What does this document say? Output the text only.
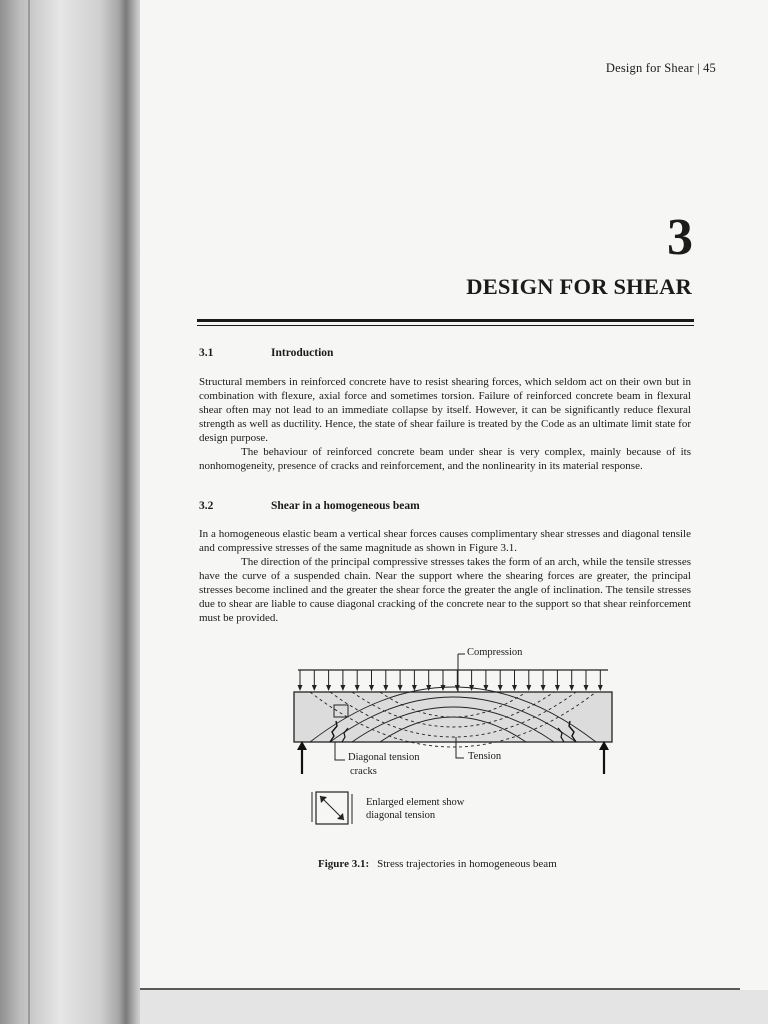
Design for Shear | 45
3
DESIGN FOR SHEAR
3.1	Introduction

Structural members in reinforced concrete have to resist shearing forces, which seldom act on their own but in combination with flexure, axial force and sometimes torsion. Failure of reinforced concrete beam in flexural shear often may not lead to an immediate collapse by itself. However, it can be significantly reduce flexural strength as well as ductility. Hence, the state of shear failure is treated by the Code as an ultimate limit state for design purpose.

The behaviour of reinforced concrete beam under shear is very complex, mainly because of its nonhomogeneity, presence of cracks and reinforcement, and the nonlinearity in its material response.

3.2	Shear in a homogeneous beam

In a homogeneous elastic beam a vertical shear forces causes complimentary shear stresses and diagonal tensile and compressive stresses of the same magnitude as shown in Figure 3.1.

The direction of the principal compressive stresses takes the form of an arch, while the tensile stresses have the curve of a suspended chain. Near the support where the shearing forces are greater, the principal stresses become inclined and the greater the shear force the greater the angle of inclination. The tensile stresses due to shear are liable to cause diagonal cracking of the concrete near to the support so that shear reinforcement must be provided.

Compression
Tension
Diagonal tension
cracks
Enlarged element show
diagonal tension
Figure 3.1: Stress trajectories in homogeneous beam
